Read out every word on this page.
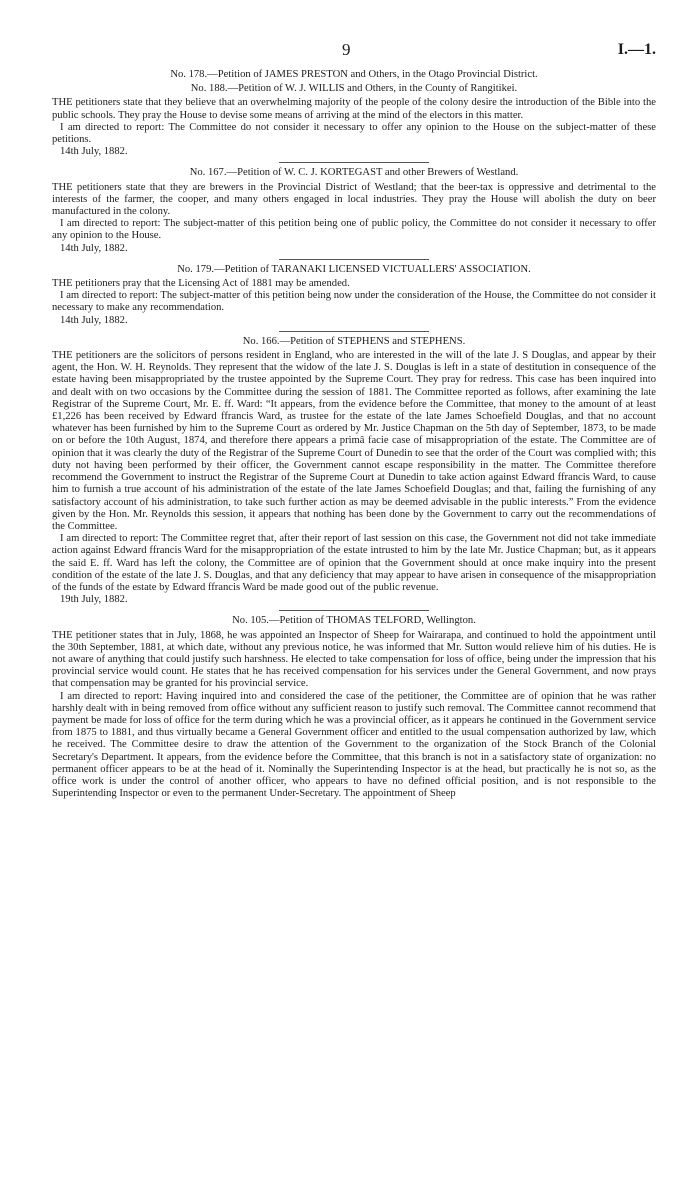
9	I.—1.
No. 178.—Petition of JAMES PRESTON and Others, in the Otago Provincial District.
No. 188.—Petition of W. J. WILLIS and Others, in the County of Rangitikei.

THE petitioners state that they believe that an overwhelming majority of the people of the colony desire the introduction of the Bible into the public schools. They pray the House to devise some means of arriving at the mind of the electors in this matter.

I am directed to report: The Committee do not consider it necessary to offer any opinion to the House on the subject-matter of these petitions.

14th July, 1882.

No. 167.—Petition of W. C. J. KORTEGAST and other Brewers of Westland.

THE petitioners state that they are brewers in the Provincial District of Westland; that the beer-tax is oppressive and detrimental to the interests of the farmer, the cooper, and many others engaged in local industries. They pray the House will abolish the duty on beer manufactured in the colony.

I am directed to report: The subject-matter of this petition being one of public policy, the Committee do not consider it necessary to offer any opinion to the House.

14th July, 1882.

No. 179.—Petition of TARANAKI LICENSED VICTUALLERS' ASSOCIATION.

THE petitioners pray that the Licensing Act of 1881 may be amended.

I am directed to report: The subject-matter of this petition being now under the consideration of the House, the Committee do not consider it necessary to make any recommendation.

14th July, 1882.

No. 166.—Petition of STEPHENS and STEPHENS.

THE petitioners are the solicitors of persons resident in England, who are interested in the will of the late J. S Douglas, and appear by their agent, the Hon. W. H. Reynolds. They represent that the widow of the late J. S. Douglas is left in a state of destitution in consequence of the estate having been misappropriated by the trustee appointed by the Supreme Court. They pray for redress. This case has been inquired into and dealt with on two occasions by the Committee during the session of 1881. The Committee reported as follows, after examining the late Registrar of the Supreme Court, Mr. E. ff. Ward: “It appears, from the evidence before the Committee, that money to the amount of at least £1,226 has been received by Edward ffrancis Ward, as trustee for the estate of the late James Schoefield Douglas, and that no account whatever has been furnished by him to the Supreme Court as ordered by Mr. Justice Chapman on the 5th day of September, 1873, to be made on or before the 10th August, 1874, and therefore there appears a primâ facie case of misappropriation of the estate. The Committee are of opinion that it was clearly the duty of the Registrar of the Supreme Court of Dunedin to see that the order of the Court was complied with; this duty not having been performed by their officer, the Government cannot escape responsibility in the matter. The Committee therefore recommend the Government to instruct the Registrar of the Supreme Court at Dunedin to take action against Edward ffrancis Ward, to cause him to furnish a true account of his administration of the estate of the late James Schoefield Douglas; and that, failing the furnishing of any satisfactory account of his administration, to take such further action as may be deemed advisable in the public interests.” From the evidence given by the Hon. Mr. Reynolds this session, it appears that nothing has been done by the Government to carry out the recommendations of the Committee.

I am directed to report: The Committee regret that, after their report of last session on this case, the Government not did not take immediate action against Edward ffrancis Ward for the misappropriation of the estate intrusted to him by the late Mr. Justice Chapman; but, as it appears the said E. ff. Ward has left the colony, the Committee are of opinion that the Government should at once make inquiry into the present condition of the estate of the late J. S. Douglas, and that any deficiency that may appear to have arisen in consequence of the misappropriation of the funds of the estate by Edward ffrancis Ward be made good out of the public revenue.

19th July, 1882.

No. 105.—Petition of THOMAS TELFORD, Wellington.

THE petitioner states that in July, 1868, he was appointed an Inspector of Sheep for Wairarapa, and continued to hold the appointment until the 30th September, 1881, at which date, without any previous notice, he was informed that Mr. Sutton would relieve him of his duties. He is not aware of anything that could justify such harshness. He elected to take compensation for loss of office, being under the impression that his provincial service would count. He states that he has received compensation for his services under the General Government, and now prays that compensation may be granted for his provincial service.

I am directed to report: Having inquired into and considered the case of the petitioner, the Committee are of opinion that he was rather harshly dealt with in being removed from office without any sufficient reason to justify such removal. The Committee cannot recommend that payment be made for loss of office for the term during which he was a provincial officer, as it appears he continued in the Government service from 1875 to 1881, and thus virtually became a General Government officer and entitled to the usual compensation authorized by law, which he received. The Committee desire to draw the attention of the Government to the organization of the Stock Branch of the Colonial Secretary's Department. It appears, from the evidence before the Committee, that this branch is not in a satisfactory state of organization: no permanent officer appears to be at the head of it. Nominally the Superintending Inspector is at the head, but practically he is not so, as the office work is under the control of another officer, who appears to have no defined official position, and is not responsible to the Superintending Inspector or even to the permanent Under-Secretary. The appointment of Sheep
